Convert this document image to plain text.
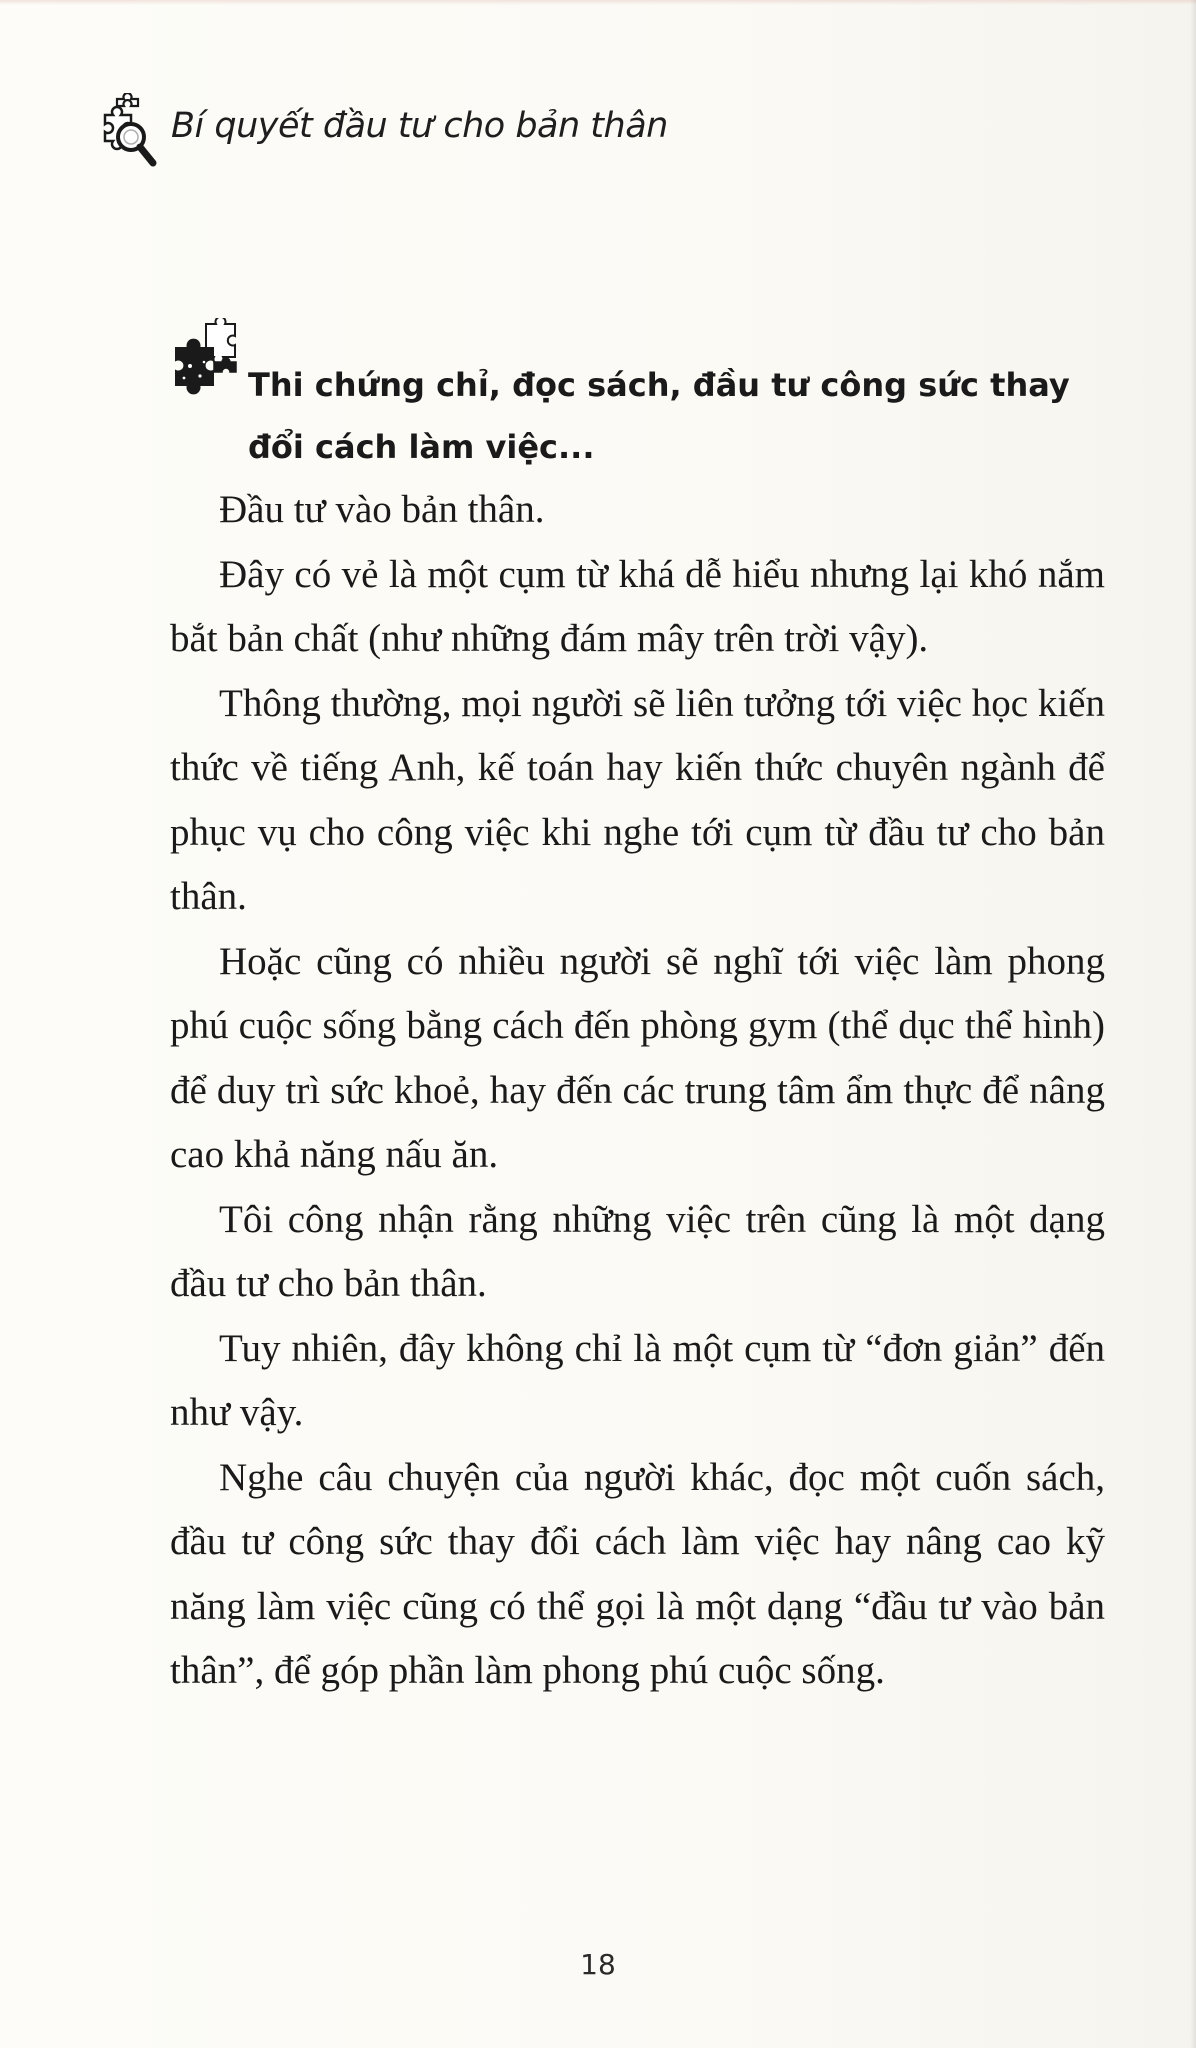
Bí quyết đầu tư cho bản thân
Thi chứng chỉ, đọc sách, đầu tư công sức thay đổi cách làm việc...

Đầu tư vào bản thân.

Đây có vẻ là một cụm từ khá dễ hiểu nhưng lại khó nắm bắt bản chất (như những đám mây trên trời vậy).

Thông thường, mọi người sẽ liên tưởng tới việc học kiến thức về tiếng Anh, kế toán hay kiến thức chuyên ngành để phục vụ cho công việc khi nghe tới cụm từ đầu tư cho bản thân.

Hoặc cũng có nhiều người sẽ nghĩ tới việc làm phong phú cuộc sống bằng cách đến phòng gym (thể dục thể hình) để duy trì sức khoẻ, hay đến các trung tâm ẩm thực để nâng cao khả năng nấu ăn.

Tôi công nhận rằng những việc trên cũng là một dạng đầu tư cho bản thân.

Tuy nhiên, đây không chỉ là một cụm từ “đơn giản” đến như vậy.

Nghe câu chuyện của người khác, đọc một cuốn sách, đầu tư công sức thay đổi cách làm việc hay nâng cao kỹ năng làm việc cũng có thể gọi là một dạng “đầu tư vào bản thân”, để góp phần làm phong phú cuộc sống.

18
